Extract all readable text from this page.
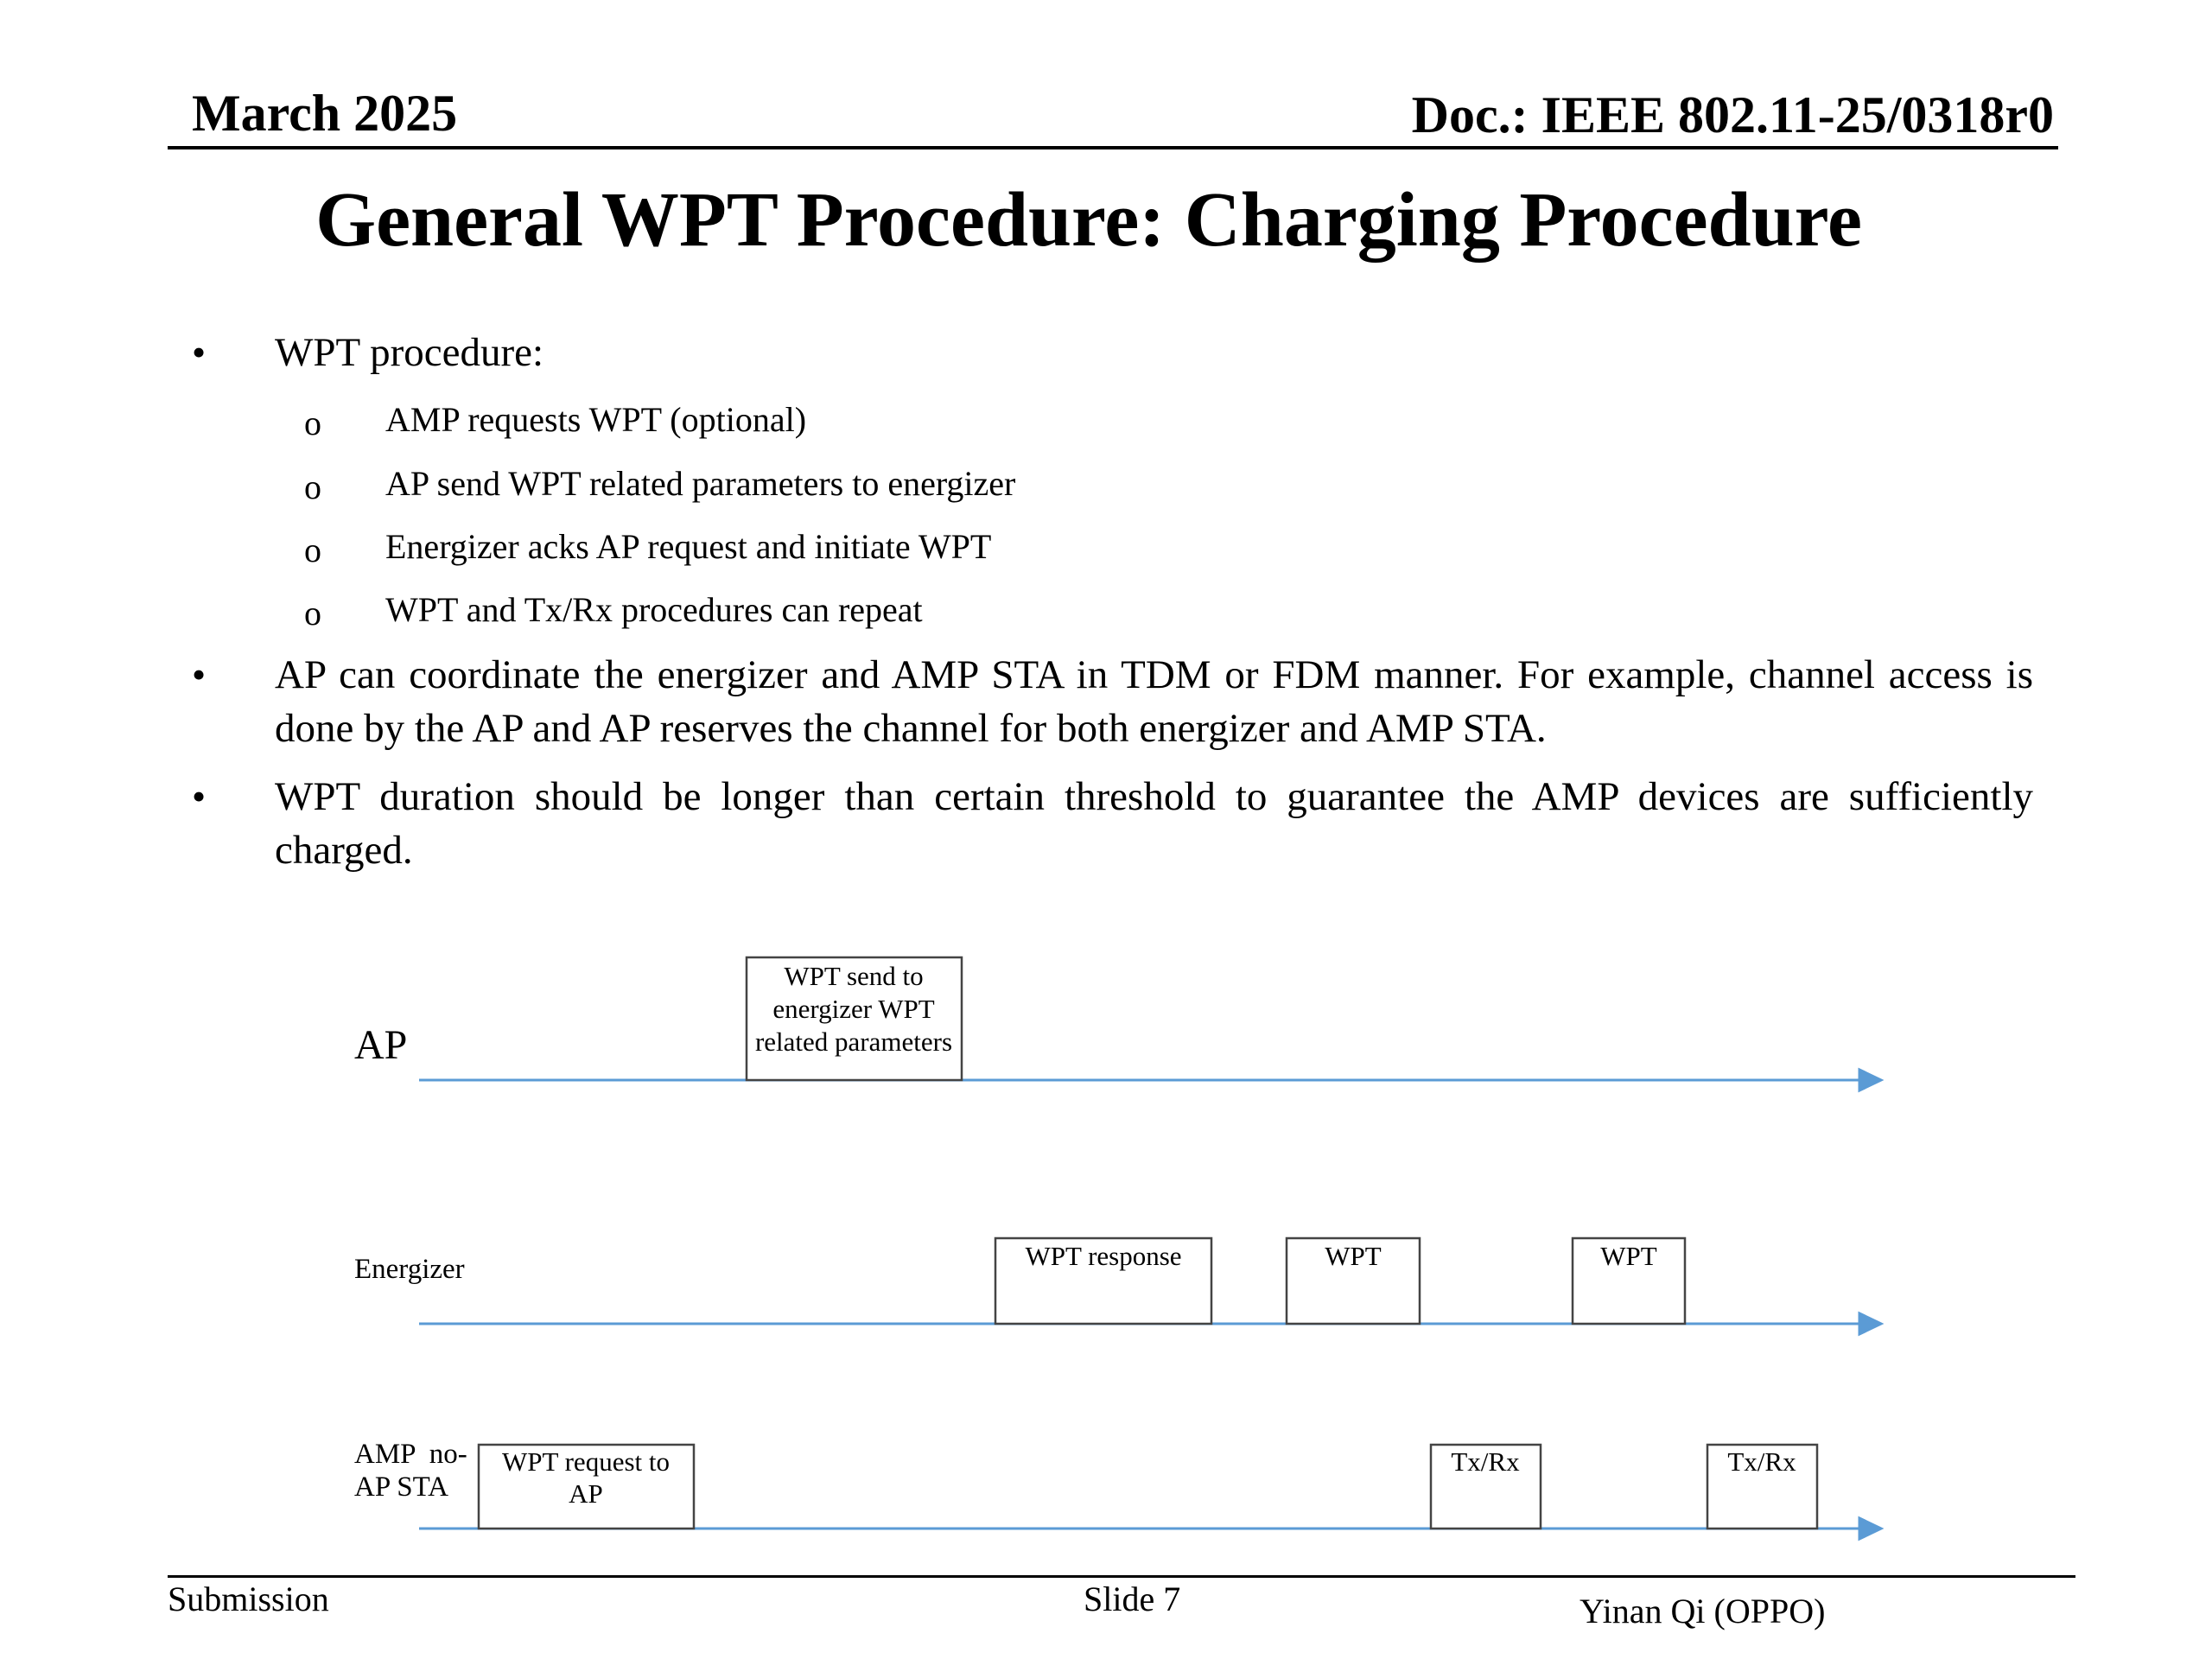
March 2025	Doc.: IEEE 802.11-25/0318r0
General WPT Procedure: Charging Procedure
• WPT procedure:
o AMP requests WPT (optional)
o AP send WPT related parameters to energizer
o Energizer acks AP request and initiate WPT
o WPT and Tx/Rx procedures can repeat
• AP can coordinate the energizer and AMP STA in TDM or FDM manner. For example, channel access is done by the AP and AP reserves the channel for both energizer and AMP STA.
• WPT duration should be longer than certain threshold to guarantee the AMP devices are sufficiently charged.
AP
Energizer
AMP  no-
AP STA
WPT send to
energizer WPT
related parameters
WPT response	WPT	WPT
WPT request to
AP
Tx/Rx	Tx/Rx
Submission	Slide 7	Yinan Qi (OPPO)
